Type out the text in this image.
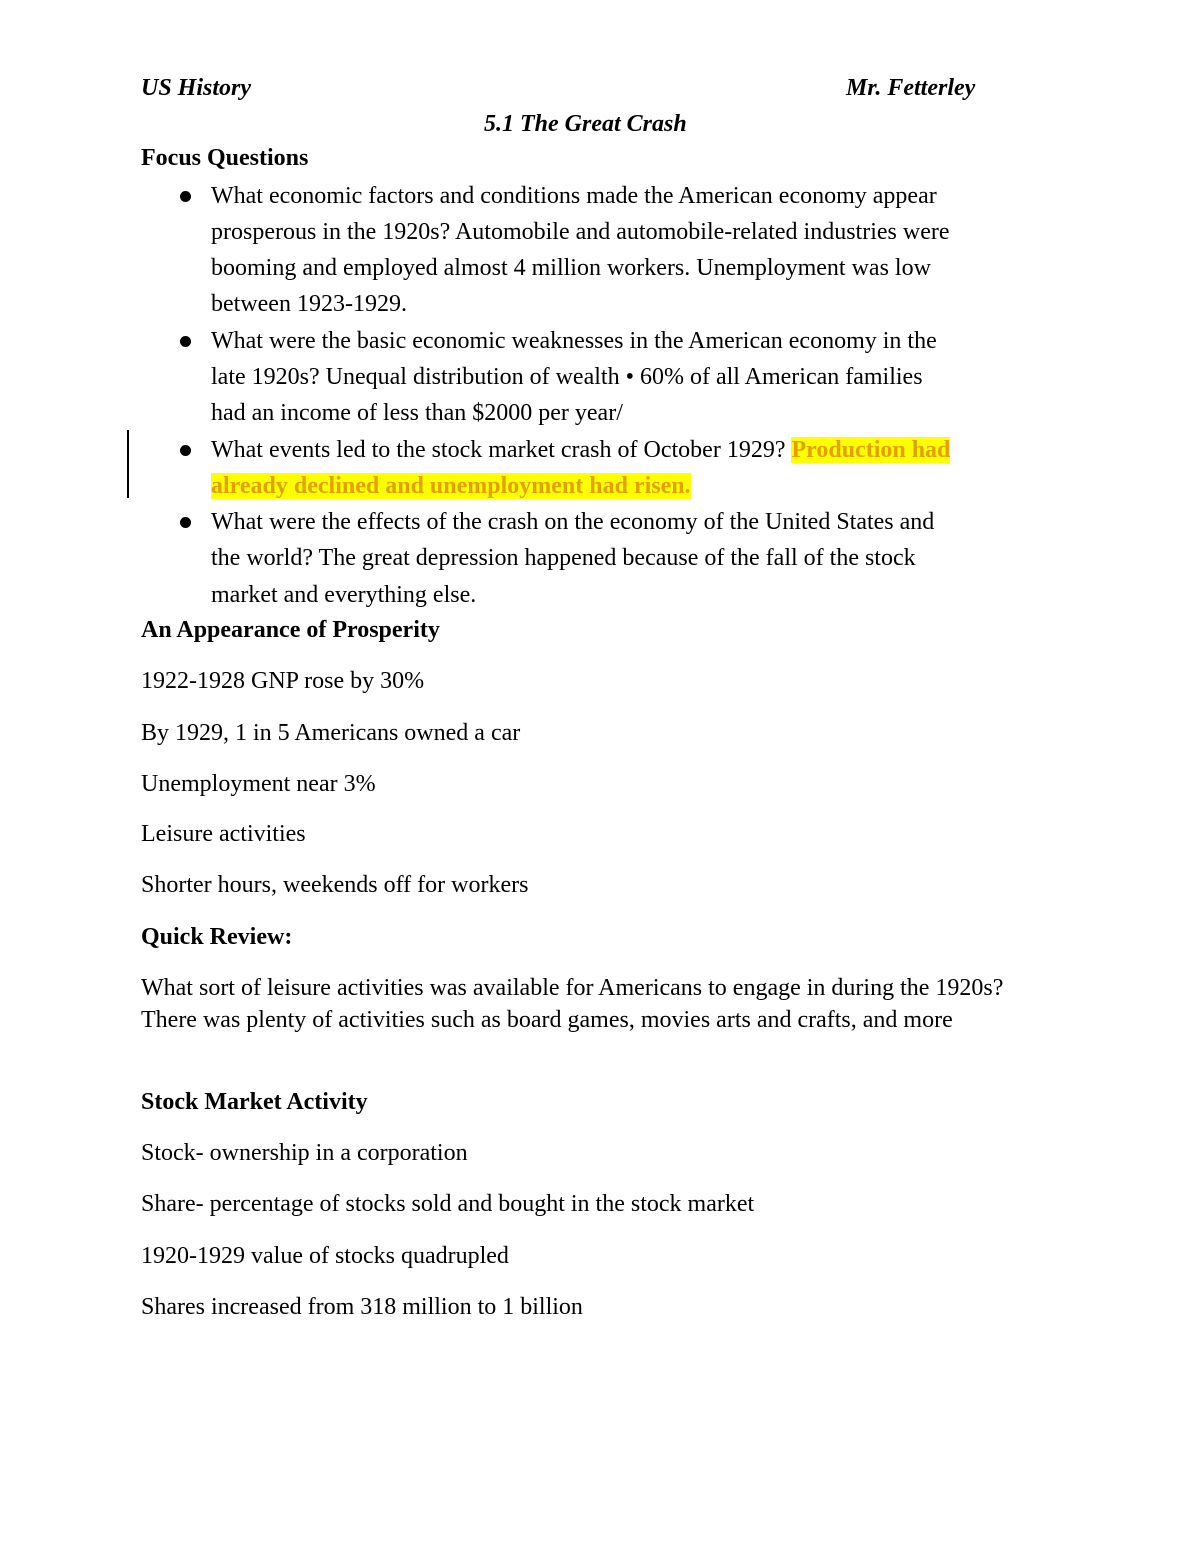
US History	Mr. Fetterley
5.1 The Great Crash
Focus Questions
What economic factors and conditions made the American economy appear
prosperous in the 1920s? Automobile and automobile-related industries were
booming and employed almost 4 million workers. Unemployment was low
between 1923-1929.
What were the basic economic weaknesses in the American economy in the
late 1920s? Unequal distribution of wealth • 60% of all American families
had an income of less than $2000 per year/
What events led to the stock market crash of October 1929? Production had
already declined and unemployment had risen.
What were the effects of the crash on the economy of the United States and
the world? The great depression happened because of the fall of the stock
market and everything else.
An Appearance of Prosperity
1922-1928 GNP rose by 30%
By 1929, 1 in 5 Americans owned a car
Unemployment near 3%
Leisure activities
Shorter hours, weekends off for workers
Quick Review:
What sort of leisure activities was available for Americans to engage in during the 1920s? There was plenty of activities such as board games, movies arts and crafts, and more
Stock Market Activity
Stock- ownership in a corporation
Share- percentage of stocks sold and bought in the stock market
1920-1929 value of stocks quadrupled
Shares increased from 318 million to 1 billion
